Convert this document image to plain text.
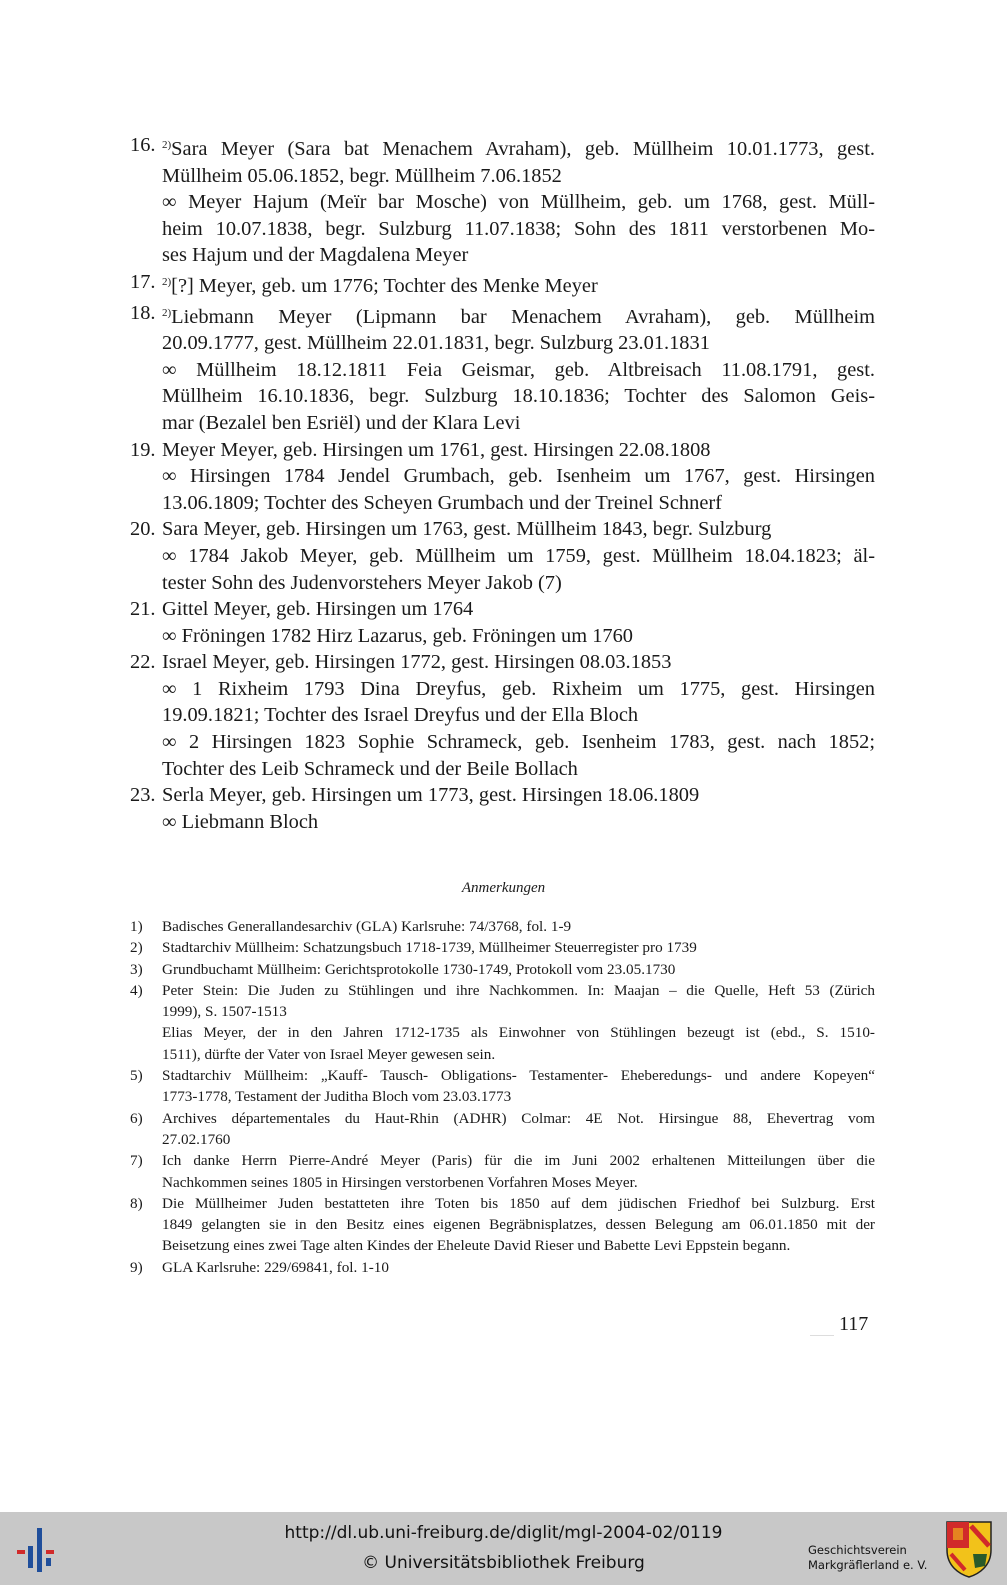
16. $^{2)}$Sara Meyer (Sara bat Menachem Avraham), geb. Müllheim 10.01.1773, gest.
Müllheim 05.06.1852, begr. Müllheim 7.06.1852
∞ Meyer Hajum (Meïr bar Mosche) von Müllheim, geb. um 1768, gest. Müll-
heim 10.07.1838, begr. Sulzburg 11.07.1838; Sohn des 1811 verstorbenen Mo-
ses Hajum und der Magdalena Meyer
17. $^{2)}$[?] Meyer, geb. um 1776; Tochter des Menke Meyer
18. $^{2)}$Liebmann Meyer (Lipmann bar Menachem Avraham), geb. Müllheim
20.09.1777, gest. Müllheim 22.01.1831, begr. Sulzburg 23.01.1831
∞ Müllheim 18.12.1811 Feia Geismar, geb. Altbreisach 11.08.1791, gest.
Müllheim 16.10.1836, begr. Sulzburg 18.10.1836; Tochter des Salomon Geis-
mar (Bezalel ben Esriël) und der Klara Levi
19. Meyer Meyer, geb. Hirsingen um 1761, gest. Hirsingen 22.08.1808
∞ Hirsingen 1784 Jendel Grumbach, geb. Isenheim um 1767, gest. Hirsingen
13.06.1809; Tochter des Scheyen Grumbach und der Treinel Schnerf
20. Sara Meyer, geb. Hirsingen um 1763, gest. Müllheim 1843, begr. Sulzburg
∞ 1784 Jakob Meyer, geb. Müllheim um 1759, gest. Müllheim 18.04.1823; äl-
tester Sohn des Judenvorstehers Meyer Jakob (7)
21. Gittel Meyer, geb. Hirsingen um 1764
∞ Fröningen 1782 Hirz Lazarus, geb. Fröningen um 1760
22. Israel Meyer, geb. Hirsingen 1772, gest. Hirsingen 08.03.1853
∞ 1 Rixheim 1793 Dina Dreyfus, geb. Rixheim um 1775, gest. Hirsingen
19.09.1821; Tochter des Israel Dreyfus und der Ella Bloch
∞ 2 Hirsingen 1823 Sophie Schrameck, geb. Isenheim 1783, gest. nach 1852;
Tochter des Leib Schrameck und der Beile Bollach
23. Serla Meyer, geb. Hirsingen um 1773, gest. Hirsingen 18.06.1809
∞ Liebmann Bloch
Anmerkungen
1) Badisches Generallandesarchiv (GLA) Karlsruhe: 74/3768, fol. 1-9
2) Stadtarchiv Müllheim: Schatzungsbuch 1718-1739, Müllheimer Steuerregister pro 1739
3) Grundbuchamt Müllheim: Gerichtsprotokolle 1730-1749, Protokoll vom 23.05.1730
4) Peter Stein: Die Juden zu Stühlingen und ihre Nachkommen. In: Maajan – die Quelle, Heft 53 (Zürich
1999), S. 1507-1513
Elias Meyer, der in den Jahren 1712-1735 als Einwohner von Stühlingen bezeugt ist (ebd., S. 1510-
1511), dürfte der Vater von Israel Meyer gewesen sein.
5) Stadtarchiv Müllheim: „Kauff- Tausch- Obligations- Testamenter- Eheberedungs- und andere Kopeyen“
1773-1778, Testament der Juditha Bloch vom 23.03.1773
6) Archives départementales du Haut-Rhin (ADHR) Colmar: 4E Not. Hirsingue 88, Ehevertrag vom
27.02.1760
7) Ich danke Herrn Pierre-André Meyer (Paris) für die im Juni 2002 erhaltenen Mitteilungen über die
Nachkommen seines 1805 in Hirsingen verstorbenen Vorfahren Moses Meyer.
8) Die Müllheimer Juden bestatteten ihre Toten bis 1850 auf dem jüdischen Friedhof bei Sulzburg. Erst
1849 gelangten sie in den Besitz eines eigenen Begräbnisplatzes, dessen Belegung am 06.01.1850 mit der
Beisetzung eines zwei Tage alten Kindes der Eheleute David Rieser und Babette Levi Eppstein begann.
9) GLA Karlsruhe: 229/69841, fol. 1-10
117
http://dl.ub.uni-freiburg.de/diglit/mgl-2004-02/0119
© Universitätsbibliothek Freiburg
Geschichtsverein
Markgräflerland e. V.
